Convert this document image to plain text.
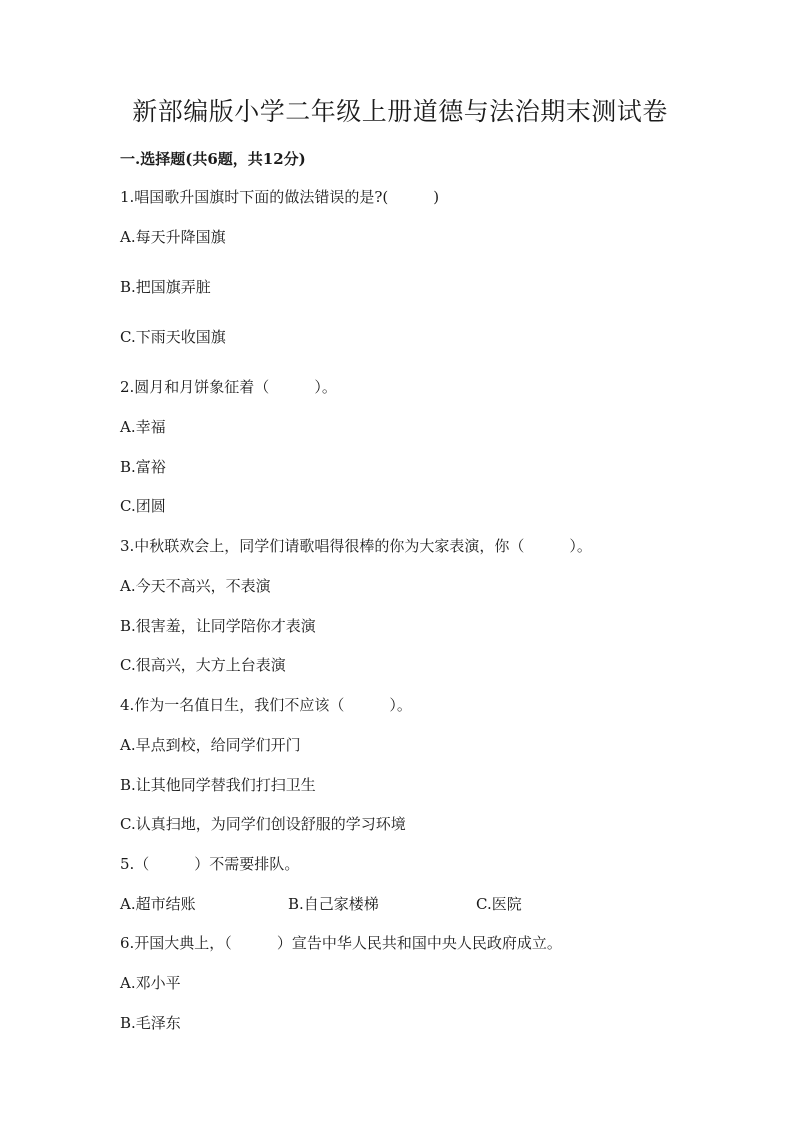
新部编版小学二年级上册道德与法治期末测试卷
一.选择题(共6题，共12分)

1.唱国歌升国旗时下面的做法错误的是?(　　　)

A.每天升降国旗

B.把国旗弄脏

C.下雨天收国旗

2.圆月和月饼象征着（　　　）。

A.幸福

B.富裕

C.团圆

3.中秋联欢会上，同学们请歌唱得很棒的你为大家表演，你（　　　）。

A.今天不高兴，不表演

B.很害羞，让同学陪你才表演

C.很高兴，大方上台表演

4.作为一名值日生，我们不应该（　　　）。

A.早点到校，给同学们开门

B.让其他同学替我们打扫卫生

C.认真扫地，为同学们创设舒服的学习环境

5.（　　　）不需要排队。

A.超市结账	B.自己家楼梯	C.医院

6.开国大典上，（　　　）宣告中华人民共和国中央人民政府成立。

A.邓小平

B.毛泽东
